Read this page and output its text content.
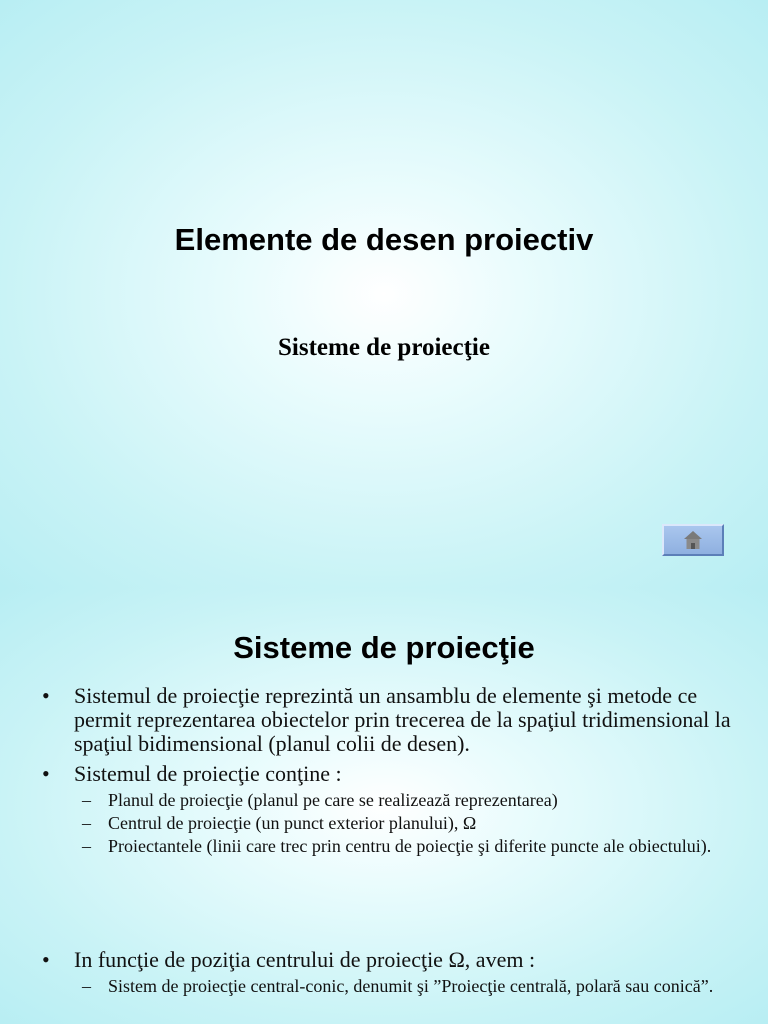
Elemente de desen proiectiv
Sisteme de proiecţie
Sisteme de proiecţie
• Sistemul de proiecţie reprezintă un ansamblu de elemente şi metode ce permit reprezentarea obiectelor prin trecerea de la spaţiul tridimensional la spaţiul bidimensional (planul colii de desen).
• Sistemul de proiecţie conţine :
– Planul de proiecţie (planul pe care se realizează reprezentarea)
– Centrul de proiecţie (un punct exterior planului), Ω
– Proiectantele (linii care trec prin centru de poiecţie şi diferite puncte ale obiectului).
• In funcţie de poziţia centrului de proiecţie Ω, avem :
– Sistem de proiecţie central-conic, denumit şi ”Proiecţie centrală, polară sau conică”.
